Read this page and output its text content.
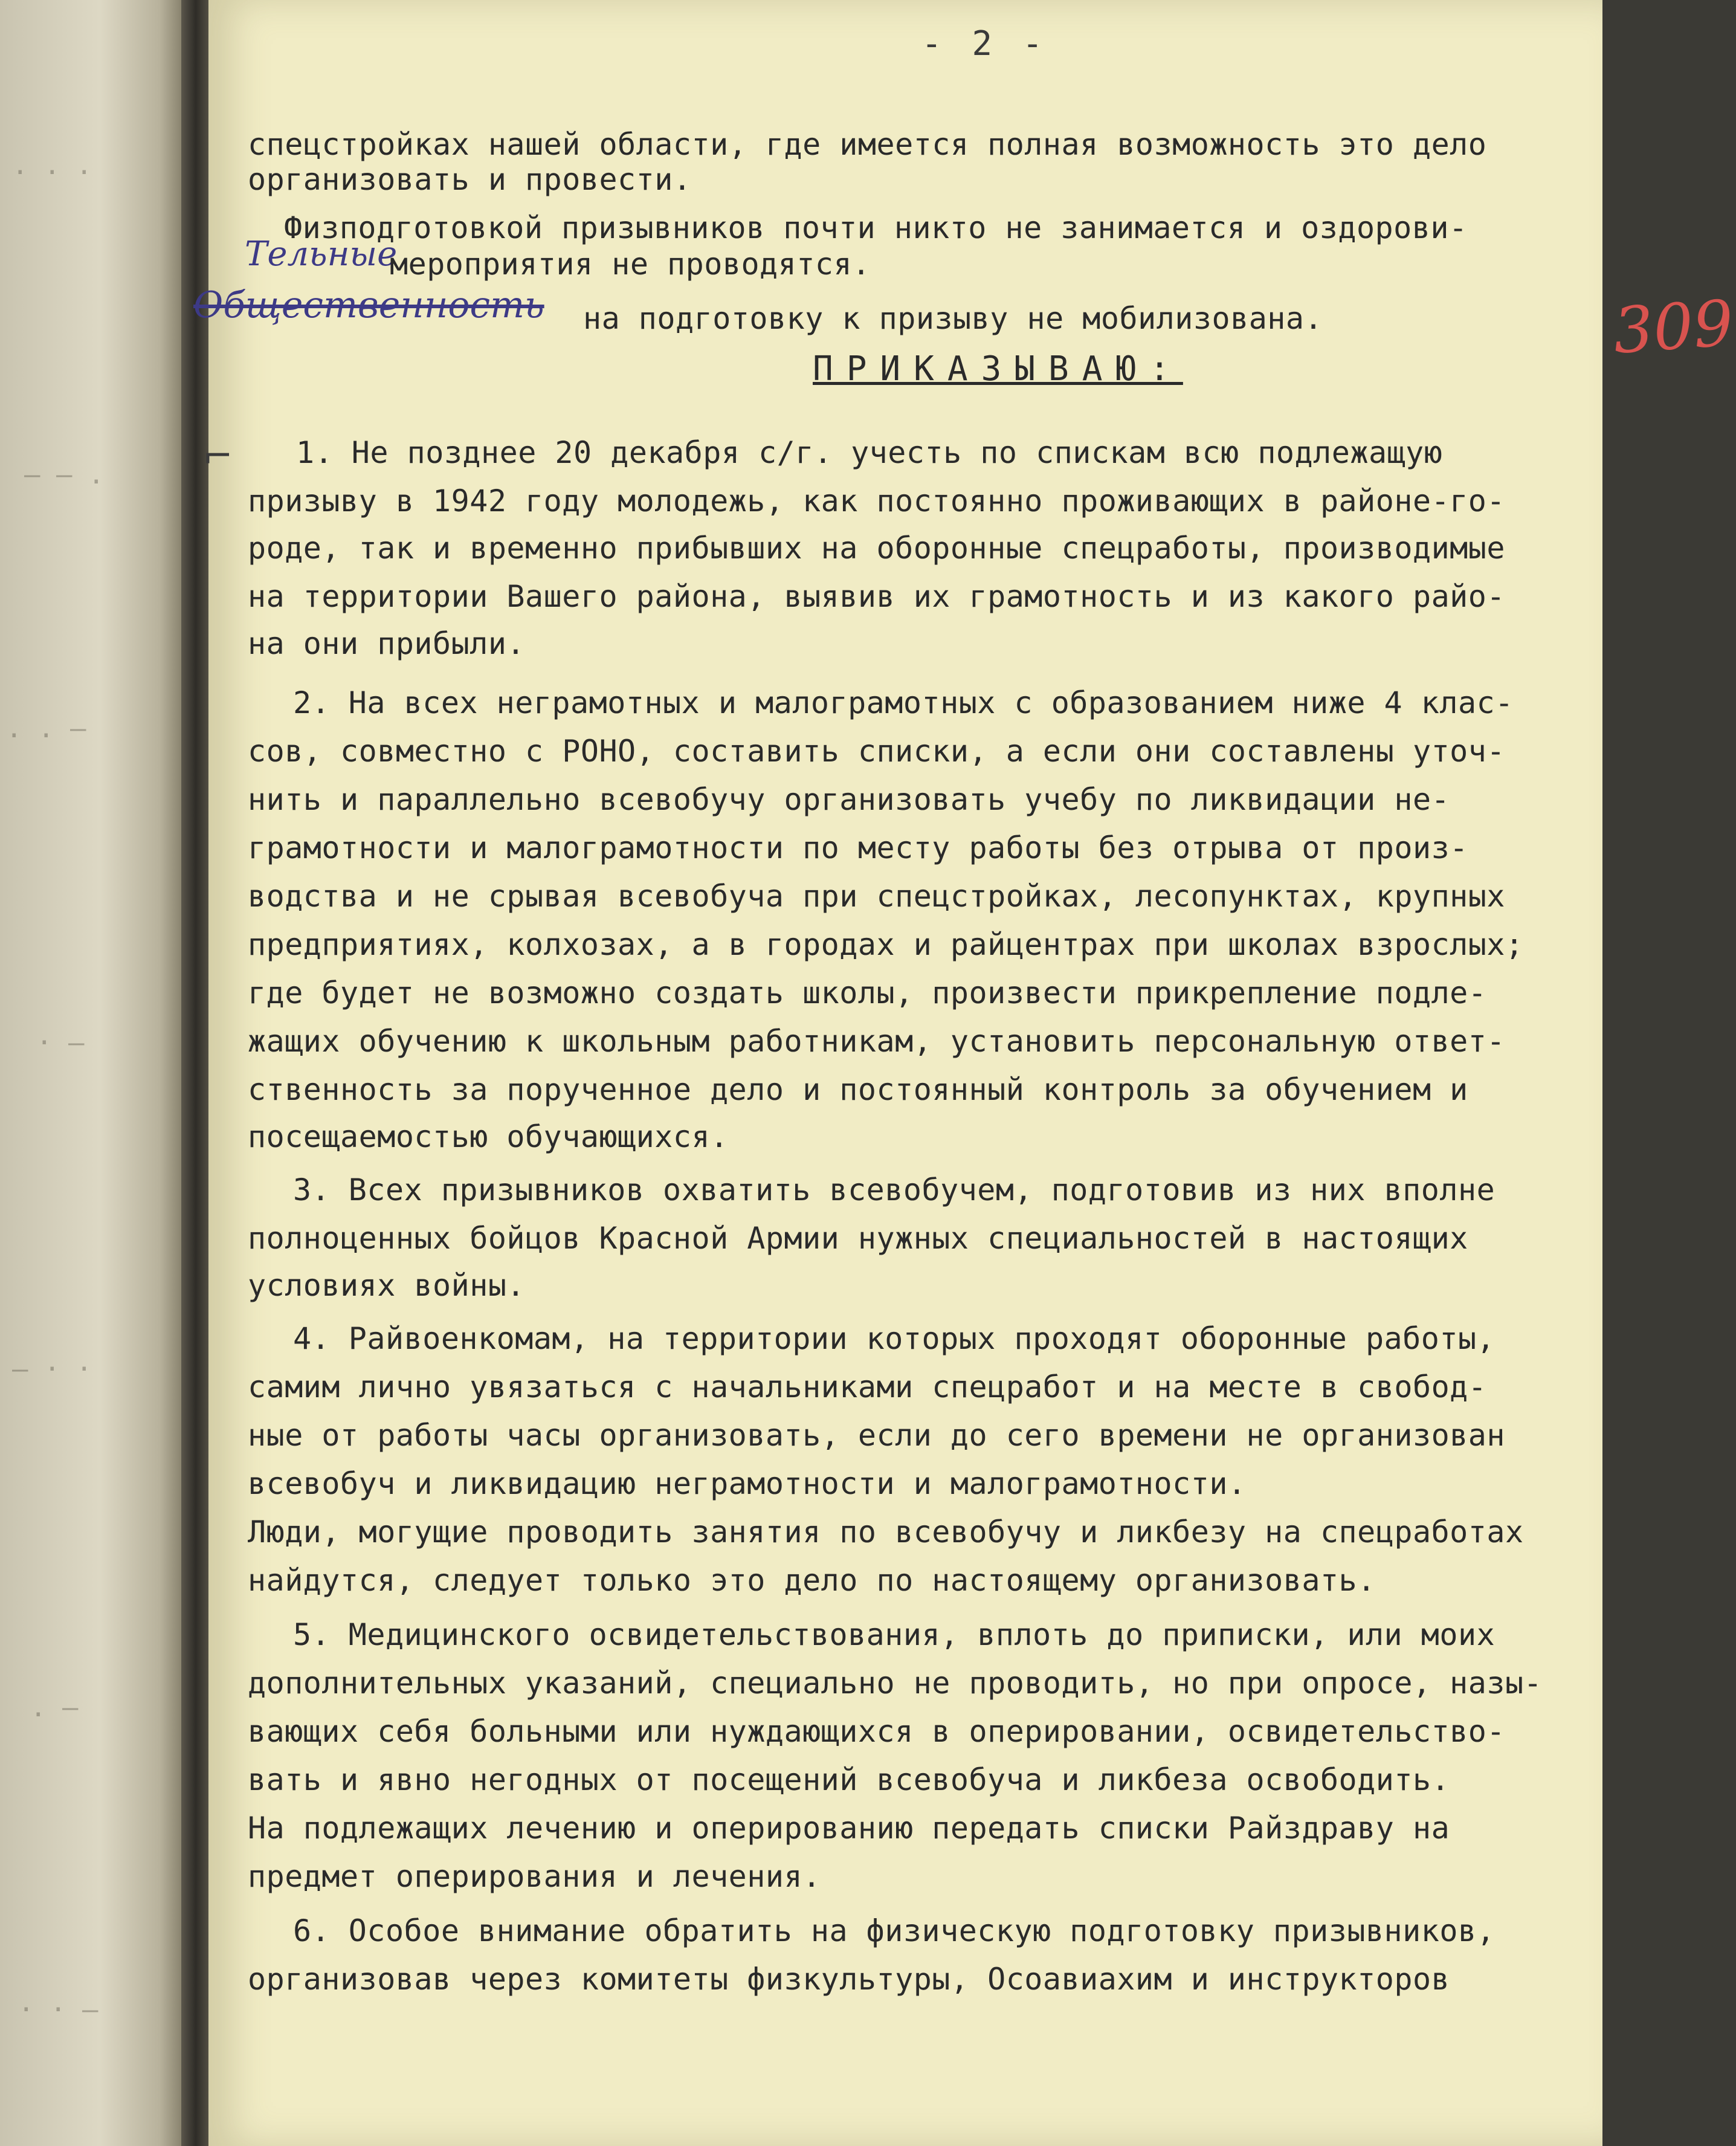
· · ·
— — .
. . —
· —
— · ·
. —
· · —
- 2 -
спецстройках нашей области, где имеется полная возможность это дело
организовать и провести.
Физподготовкой призывников почти никто не занимается и оздорови-
Тельные
мероприятия не проводятся.
Общественность на подготовку к призыву не мобилизована.	309
ПРИКАЗЫВАЮ:
⌐ 1. Не позднее 20 декабря с/г. учесть по спискам всю подлежащую
призыву в 1942 году молодежь, как постоянно проживающих в районе-го-
роде, так и временно прибывших на оборонные спецработы, производимые
на территории Вашего района, выявив их грамотность и из какого райо-
на они прибыли.
2. На всех неграмотных и малограмотных с образованием ниже 4 клас-
сов, совместно с РОНО, составить списки, а если они составлены уточ-
нить и параллельно всевобучу организовать учебу по ликвидации не-
грамотности и малограмотности по месту работы без отрыва от произ-
водства и не срывая всевобуча при спецстройках, лесопунктах, крупных
предприятиях, колхозах, а в городах и райцентрах при школах взрослых;
где будет не возможно создать школы, произвести прикрепление подле-
жащих обучению к школьным работникам, установить персональную ответ-
ственность за порученное дело и постоянный контроль за обучением и
посещаемостью обучающихся.
3. Всех призывников охватить всевобучем, подготовив из них вполне
полноценных бойцов Красной Армии нужных специальностей в настоящих
условиях войны.
4. Райвоенкомам, на территории которых проходят оборонные работы,
самим лично увязаться с начальниками спецработ и на месте в свобод-
ные от работы часы организовать, если до сего времени не организован
всевобуч и ликвидацию неграмотности и малограмотности.
Люди, могущие проводить занятия по всевобучу и ликбезу на спецработах
найдутся, следует только это дело по настоящему организовать.
5. Медицинского освидетельствования, вплоть до приписки, или моих
дополнительных указаний, специально не проводить, но при опросе, назы-
вающих себя больными или нуждающихся в оперировании, освидетельство-
вать и явно негодных от посещений всевобуча и ликбеза освободить.
На подлежащих лечению и оперированию передать списки Райздраву на
предмет оперирования и лечения.
6. Особое внимание обратить на физическую подготовку призывников,
организовав через комитеты физкультуры, Осоавиахим и инструкторов
